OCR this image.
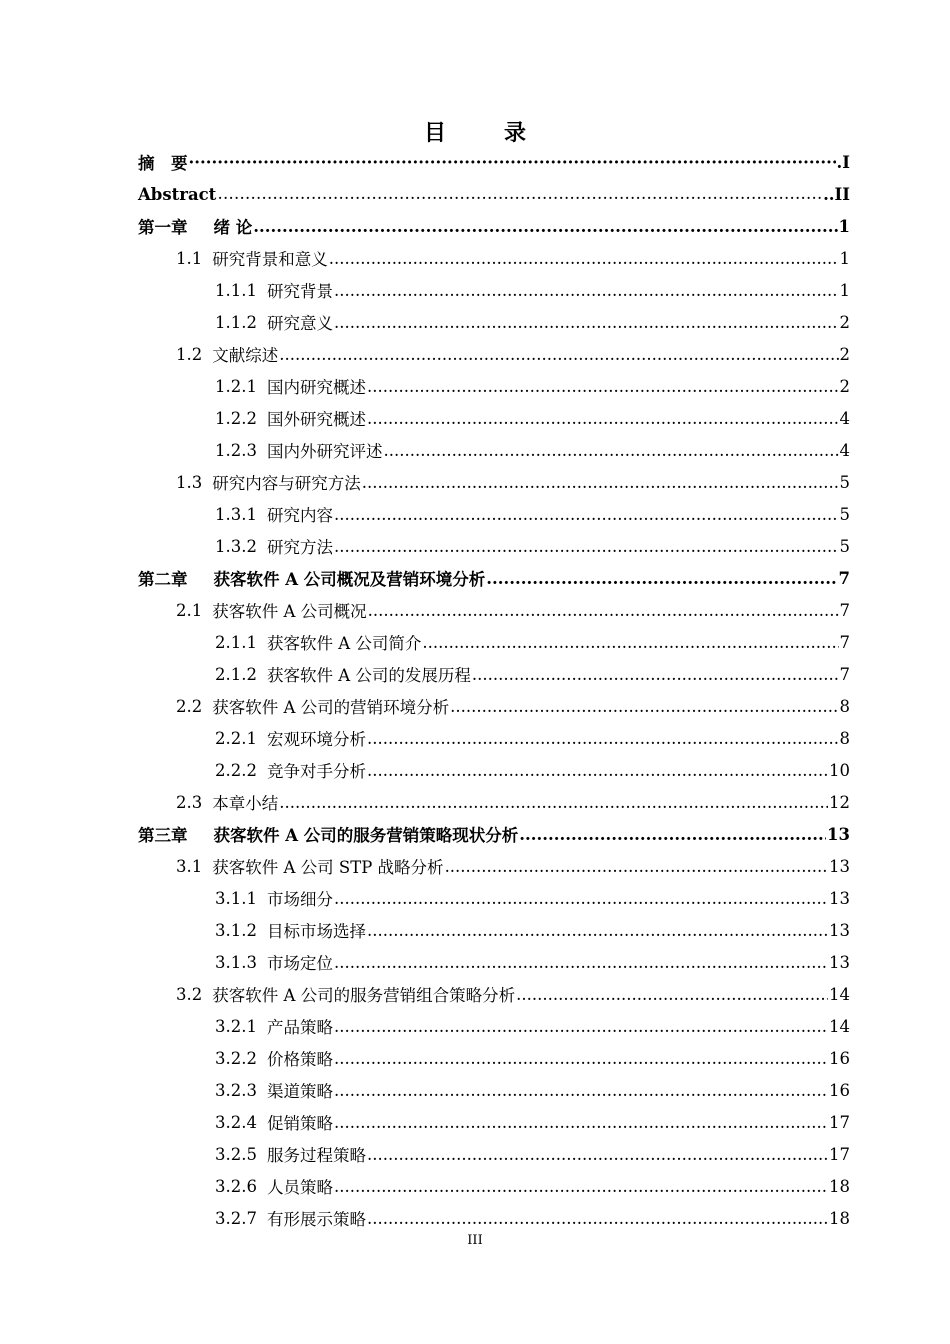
目　录
摘　要 ·····	.I
Abstract …………………………………………………………………………………………………………………………………………………	..II
第一章 绪 论 .....	1
1.1 研究背景和意义 .....	1
1.1.1 研究背景 .....	1
1.1.2 研究意义 .....	2
1.2 文献综述 .....	2
1.2.1 国内研究概述 .....	2
1.2.2 国外研究概述 .....	4
1.2.3 国内外研究评述 .....	4
1.3 研究内容与研究方法 .....	5
1.3.1 研究内容 .....	5
1.3.2 研究方法 .....	5
第二章 获客软件 A 公司概况及营销环境分析 .....	7
2.1 获客软件 A 公司概况 .....	7
2.1.1 获客软件 A 公司简介 .....	7
2.1.2 获客软件 A 公司的发展历程 .....	7
2.2 获客软件 A 公司的营销环境分析 .....	8
2.2.1 宏观环境分析 .....	8
2.2.2 竞争对手分析 .....	10
2.3 本章小结 .....	12
第三章 获客软件 A 公司的服务营销策略现状分析 .....	13
3.1 获客软件 A 公司 STP 战略分析 .....	13
3.1.1 市场细分 .....	13
3.1.2 目标市场选择 .....	13
3.1.3 市场定位 .....	13
3.2 获客软件 A 公司的服务营销组合策略分析 .....	14
3.2.1 产品策略 .....	14
3.2.2 价格策略 .....	16
3.2.3 渠道策略 .....	16
3.2.4 促销策略 .....	17
3.2.5 服务过程策略 .....	17
3.2.6 人员策略 .....	18
3.2.7 有形展示策略 .....	18
III
